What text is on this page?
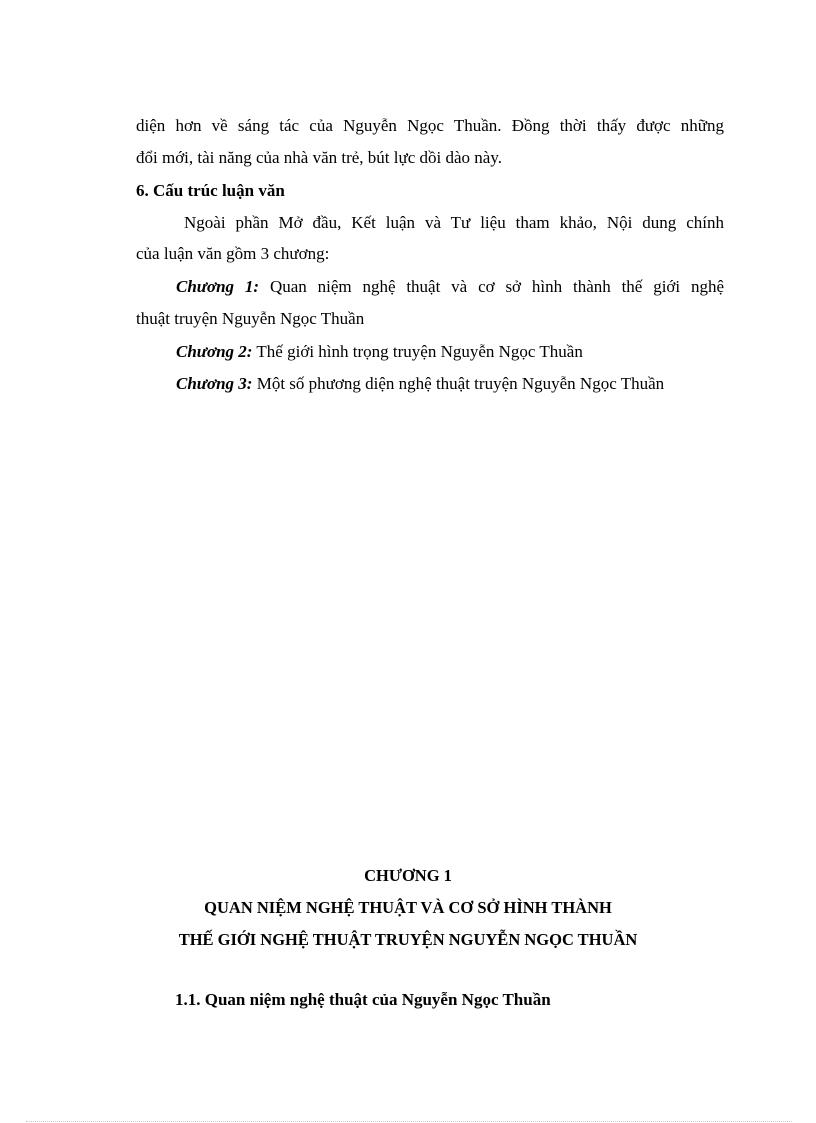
diện hơn về sáng tác của Nguyễn Ngọc Thuần. Đồng thời thấy được những
đổi mới, tài năng của nhà văn trẻ, bút lực dồi dào này.
6. Cấu trúc luận văn
Ngoài phần Mở đầu, Kết luận và Tư liệu tham khảo, Nội dung chính
của luận văn gồm 3 chương:
Chương 1: Quan niệm nghệ thuật và cơ sở hình thành thế giới nghệ
thuật truyện Nguyễn Ngọc Thuần
Chương 2: Thế giới hình trọng truyện Nguyễn Ngọc Thuần
Chương 3: Một số phương diện nghệ thuật truyện Nguyễn Ngọc Thuần
CHƯƠNG 1
QUAN NIỆM NGHỆ THUẬT VÀ CƠ SỞ HÌNH THÀNH
THẾ GIỚI NGHỆ THUẬT TRUYỆN NGUYỄN NGỌC THUẦN
1.1. Quan niệm nghệ thuật của Nguyễn Ngọc Thuần
